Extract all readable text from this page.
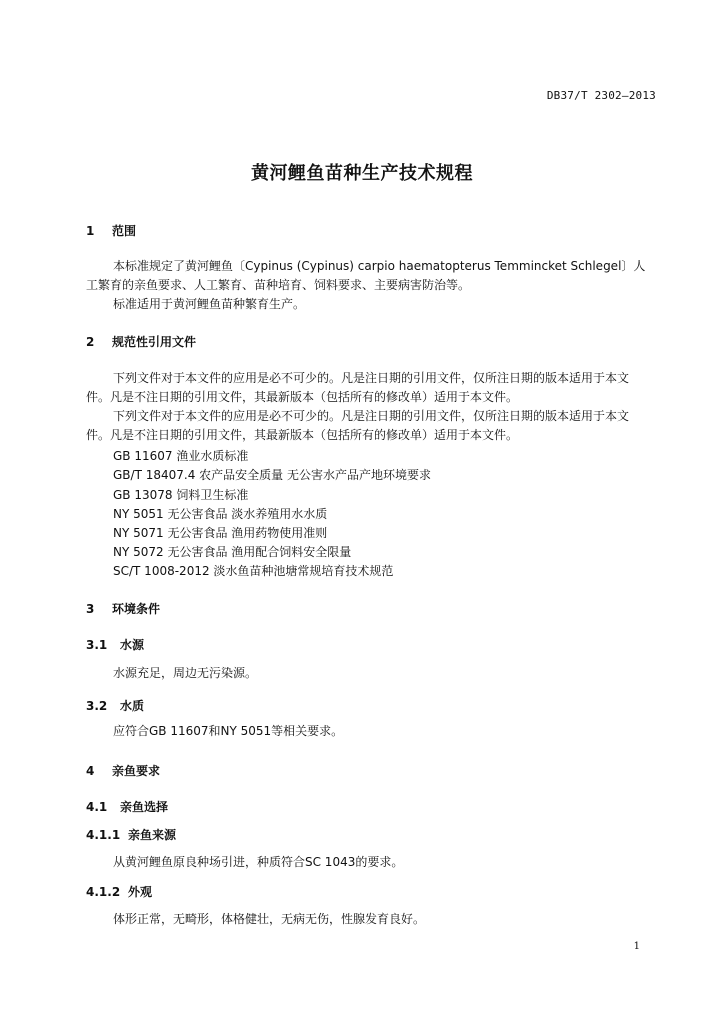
DB37/T 2302—2013
黄河鲤鱼苗种生产技术规程
1 范围
本标准规定了黄河鲤鱼〔Cypinus (Cypinus) carpio haematopterus Temmincket Schlegel〕人
工繁育的亲鱼要求、人工繁育、苗种培育、饲料要求、主要病害防治等。
标准适用于黄河鲤鱼苗种繁育生产。
2 规范性引用文件
下列文件对于本文件的应用是必不可少的。凡是注日期的引用文件，仅所注日期的版本适用于本文
件。凡是不注日期的引用文件，其最新版本（包括所有的修改单）适用于本文件。
下列文件对于本文件的应用是必不可少的。凡是注日期的引用文件，仅所注日期的版本适用于本文
件。凡是不注日期的引用文件，其最新版本（包括所有的修改单）适用于本文件。
GB 11607 渔业水质标准
GB/T 18407.4 农产品安全质量 无公害水产品产地环境要求
GB 13078 饲料卫生标准
NY 5051 无公害食品 淡水养殖用水水质
NY 5071 无公害食品 渔用药物使用准则
NY 5072 无公害食品 渔用配合饲料安全限量
SC/T 1008-2012 淡水鱼苗种池塘常规培育技术规范
3 环境条件
3.1 水源
水源充足，周边无污染源。
3.2 水质
应符合GB 11607和NY 5051等相关要求。
4 亲鱼要求
4.1 亲鱼选择
4.1.1 亲鱼来源
从黄河鲤鱼原良种场引进，种质符合SC 1043的要求。
4.1.2 外观
体形正常，无畸形，体格健壮，无病无伤，性腺发育良好。
1
